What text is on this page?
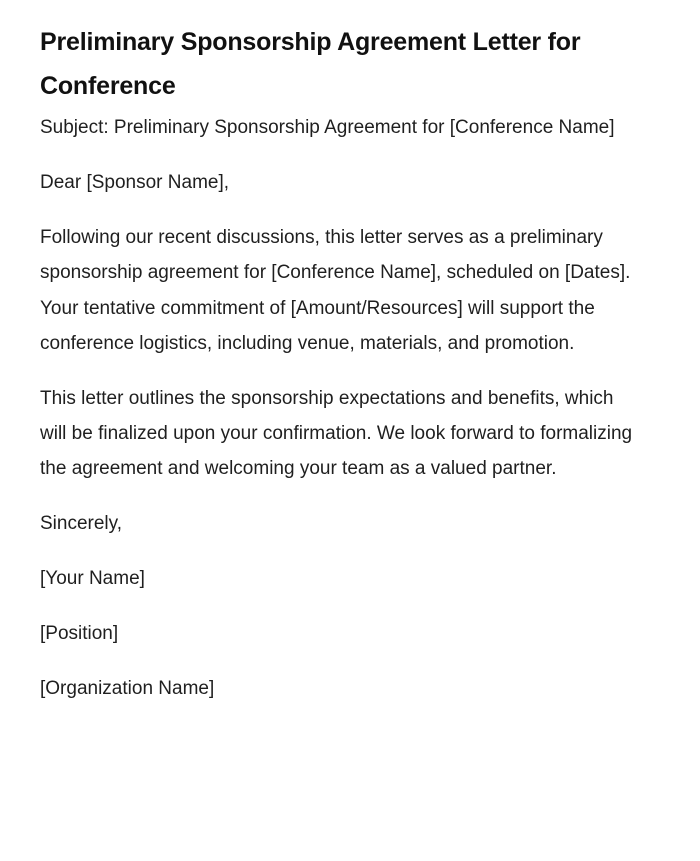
Preliminary Sponsorship Agreement Letter for Conference

Subject: Preliminary Sponsorship Agreement for [Conference Name]

Dear [Sponsor Name],

Following our recent discussions, this letter serves as a preliminary sponsorship agreement for [Conference Name], scheduled on [Dates]. Your tentative commitment of [Amount/Resources] will support the conference logistics, including venue, materials, and promotion.

This letter outlines the sponsorship expectations and benefits, which will be finalized upon your confirmation. We look forward to formalizing the agreement and welcoming your team as a valued partner.

Sincerely,

[Your Name]

[Position]

[Organization Name]
